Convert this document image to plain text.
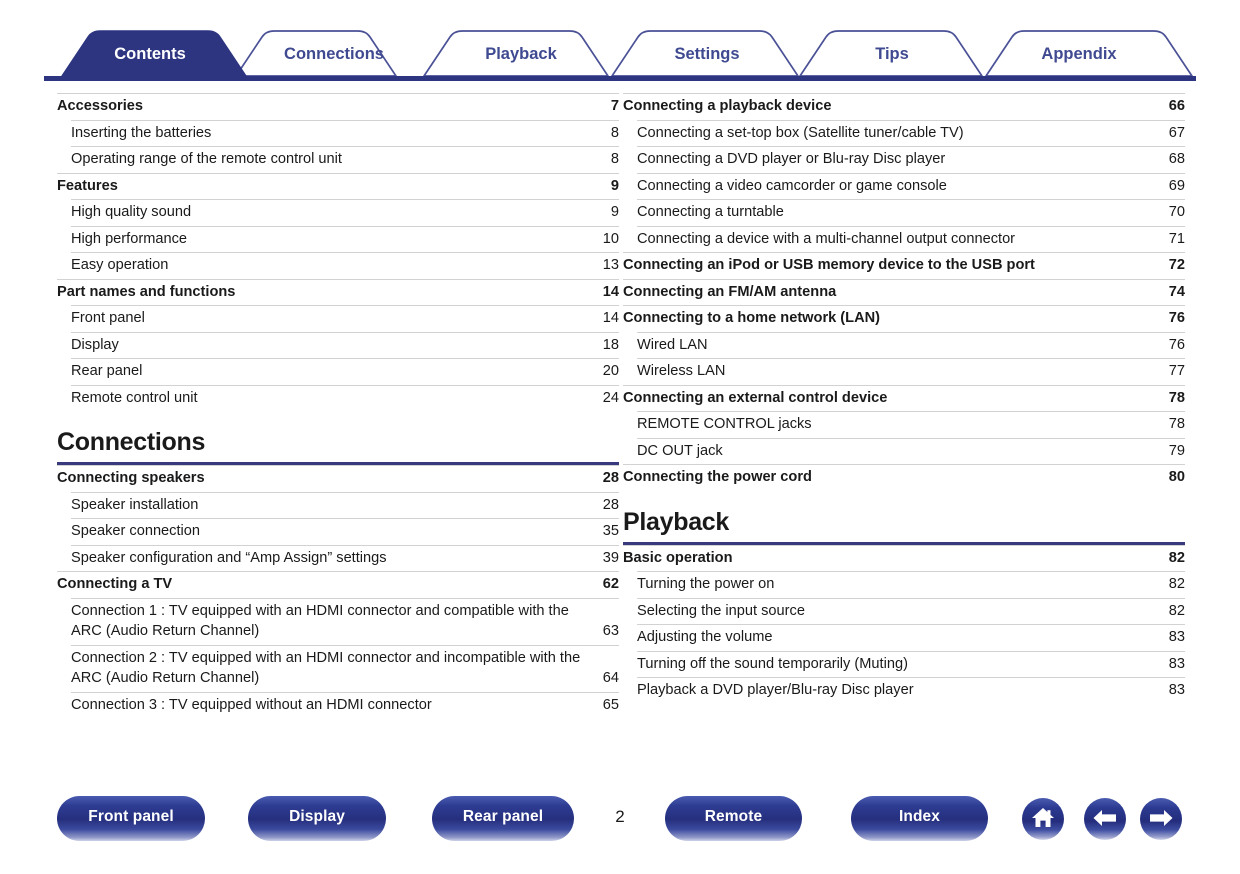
Contents	Connections	Playback	Settings	Tips	Appendix
Accessories	7
Inserting the batteries	8
Operating range of the remote control unit	8
Features	9
High quality sound	9
High performance	10
Easy operation	13
Part names and functions	14
Front panel	14
Display	18
Rear panel	20
Remote control unit	24
Connections
Connecting speakers	28
Speaker installation	28
Speaker connection	35
Speaker configuration and “Amp Assign” settings	39
Connecting a TV	62
Connection 1 : TV equipped with an HDMI connector and compatible with the ARC (Audio Return Channel)	63
Connection 2 : TV equipped with an HDMI connector and incompatible with the ARC (Audio Return Channel)	64
Connection 3 : TV equipped without an HDMI connector	65
Connecting a playback device	66
Connecting a set-top box (Satellite tuner/cable TV)	67
Connecting a DVD player or Blu-ray Disc player	68
Connecting a video camcorder or game console	69
Connecting a turntable	70
Connecting a device with a multi-channel output connector	71
Connecting an iPod or USB memory device to the USB port	72
Connecting an FM/AM antenna	74
Connecting to a home network (LAN)	76
Wired LAN	76
Wireless LAN	77
Connecting an external control device	78
REMOTE CONTROL jacks	78
DC OUT jack	79
Connecting the power cord	80
Playback
Basic operation	82
Turning the power on	82
Selecting the input source	82
Adjusting the volume	83
Turning off the sound temporarily (Muting)	83
Playback a DVD player/Blu-ray Disc player	83
2
Front panel	Display	Rear panel	Remote	Index
